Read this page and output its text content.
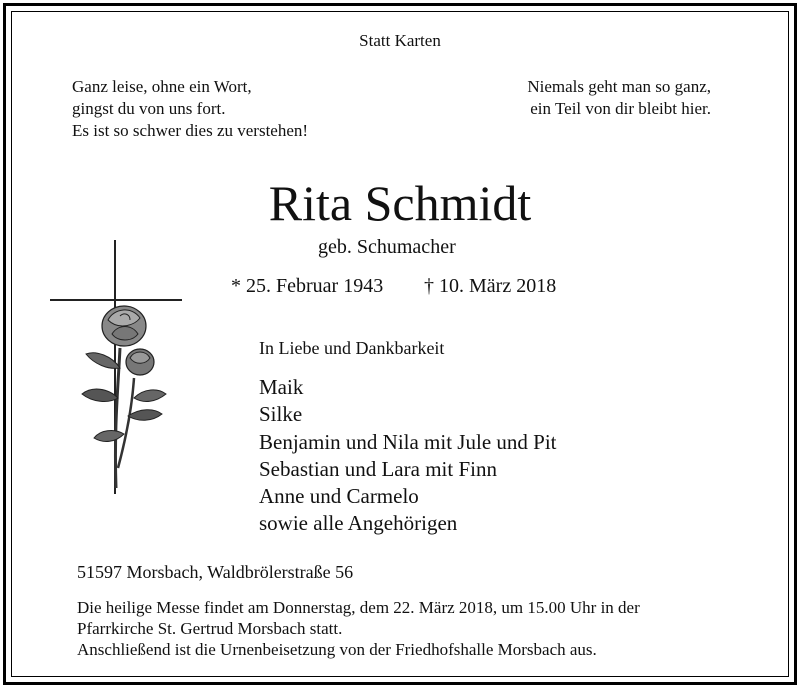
Statt Karten
Ganz leise, ohne ein Wort,
gingst du von uns fort.
Es ist so schwer dies zu verstehen!
Niemals geht man so ganz,
ein Teil von dir bleibt hier.
Rita Schmidt
geb. Schumacher
* 25. Februar 1943 † 10. März 2018
In Liebe und Dankbarkeit
Maik
Silke
Benjamin und Nila mit Jule und Pit
Sebastian und Lara mit Finn
Anne und Carmelo
sowie alle Angehörigen
51597 Morsbach, Waldbrölerstraße 56
Die heilige Messe findet am Donnerstag, dem 22. März 2018, um 15.00 Uhr in der
Pfarrkirche St. Gertrud Morsbach statt.
Anschließend ist die Urnenbeisetzung von der Friedhofshalle Morsbach aus.
